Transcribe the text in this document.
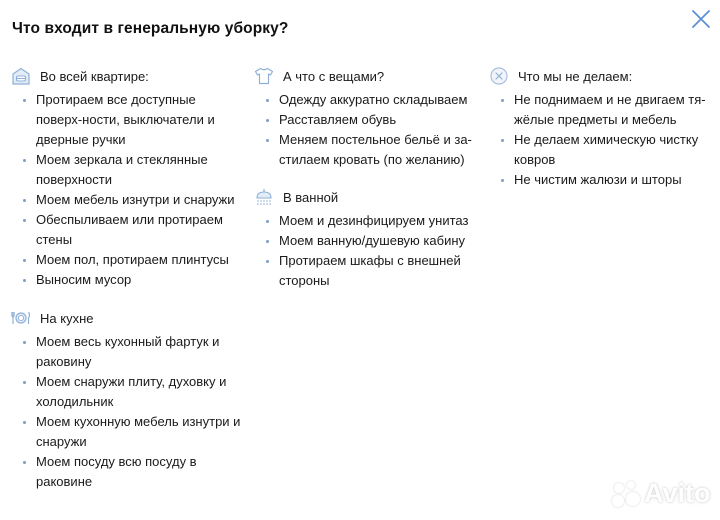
Что входит в генеральную уборку?
Во всей квартире:
Протираем все доступные поверх-ности, выключатели и дверные ручки
Моем зеркала и стеклянные поверхности
Моем мебель изнутри и снаружи
Обеспыливаем или протираем стены
Моем пол, протираем плинтусы
Выносим мусор
На кухне
Моем весь кухонный фартук и раковину
Моем снаружи плиту, духовку и холодильник
Моем кухонную мебель изнутри и снаружи
Моем посуду всю посуду в раковине
А что с вещами?
Одежду аккуратно складываем
Расставляем обувь
Меняем постельное бельё и за-стилаем кровать (по желанию)
В ванной
Моем и дезинфицируем унитаз
Моем ванную/душевую кабину
Протираем шкафы с внешней стороны
Что мы не делаем:
Не поднимаем и не двигаем тя-жёлые предметы и мебель
Не делаем химическую чистку ковров
Не чистим жалюзи и шторы
Avito
